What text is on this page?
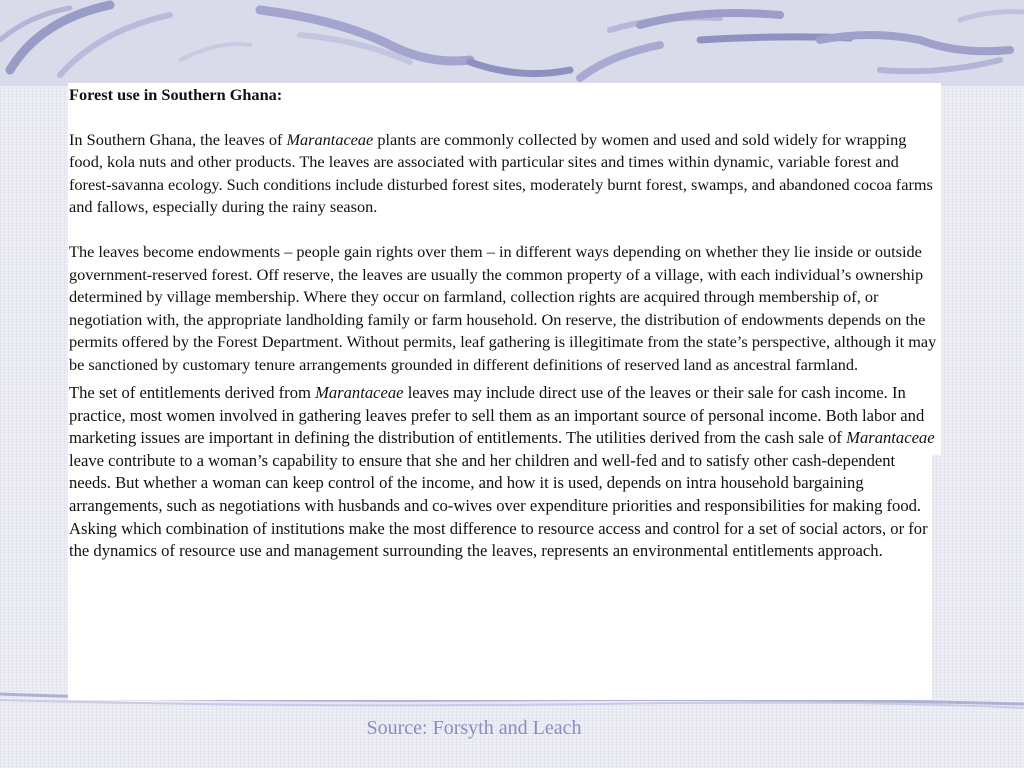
Forest use in Southern Ghana:

In Southern Ghana, the leaves of Marantaceae plants are commonly collected by women and used and sold widely for wrapping food, kola nuts and other products. The leaves are associated with particular sites and times within dynamic, variable forest and forest-savanna ecology. Such conditions include disturbed forest sites, moderately burnt forest, swamps, and abandoned cocoa farms and fallows, especially during the rainy season.

The leaves become endowments – people gain rights over them – in different ways depending on whether they lie inside or outside government-reserved forest. Off reserve, the leaves are usually the common property of a village, with each individual’s ownership determined by village membership. Where they occur on farmland, collection rights are acquired through membership of, or negotiation with, the appropriate landholding family or farm household. On reserve, the distribution of endowments depends on the permits offered by the Forest Department. Without permits, leaf gathering is illegitimate from the state’s perspective, although it may be sanctioned by customary tenure arrangements grounded in different definitions of reserved land as ancestral farmland.

The set of entitlements derived from Marantaceae leaves may include direct use of the leaves or their sale for cash income. In practice, most women involved in gathering leaves prefer to sell them as an important source of personal income. Both labor and marketing issues are important in defining the distribution of entitlements. The utilities derived from the cash sale of Marantaceae leave contribute to a woman’s capability to ensure that she and her children and well-fed and to satisfy other cash-dependent needs. But whether a woman can keep control of the income, and how it is used, depends on intra household bargaining arrangements, such as negotiations with husbands and co-wives over expenditure priorities and responsibilities for making food. Asking which combination of institutions make the most difference to resource access and control for a set of social actors, or for the dynamics of resource use and management surrounding the leaves, represents an environmental entitlements approach.

Source: Forsyth and Leach
